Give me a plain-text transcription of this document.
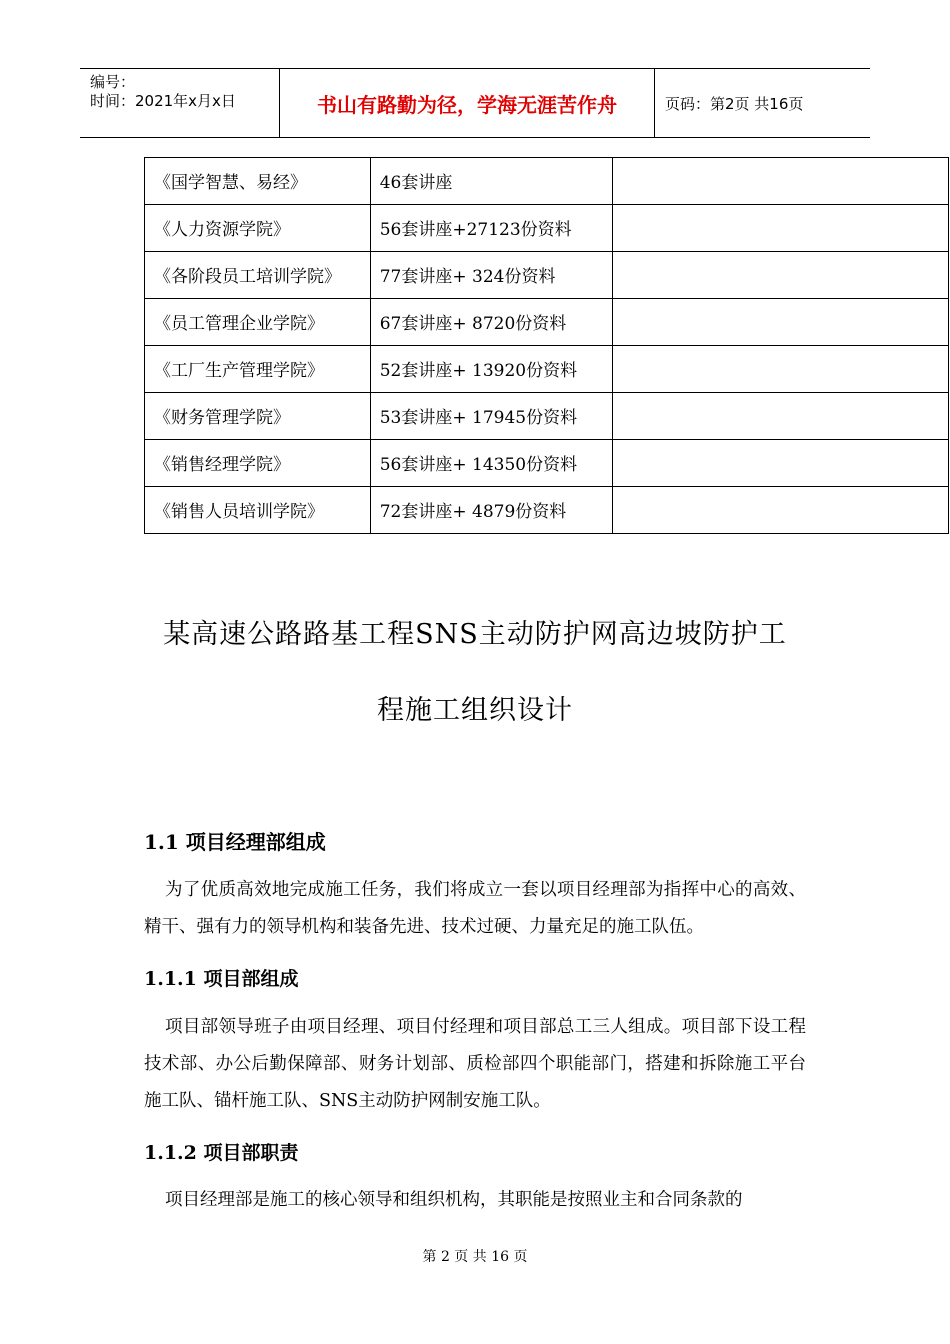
编号：
时间：2021年x月x日	书山有路勤为径，学海无涯苦作舟	页码：第2页 共16页
《国学智慧、易经》	46套讲座	
《人力资源学院》	56套讲座+27123份资料	
《各阶段员工培训学院》	77套讲座+ 324份资料	
《员工管理企业学院》	67套讲座+ 8720份资料	
《工厂生产管理学院》	52套讲座+ 13920份资料	
《财务管理学院》	53套讲座+ 17945份资料	
《销售经理学院》	56套讲座+ 14350份资料	
《销售人员培训学院》	72套讲座+ 4879份资料	
某高速公路路基工程SNS主动防护网高边坡防护工
程施工组织设计
1.1 项目经理部组成
为了优质高效地完成施工任务，我们将成立一套以项目经理部为指挥中心的高效、精干、强有力的领导机构和装备先进、技术过硬、力量充足的施工队伍。
1.1.1 项目部组成
项目部领导班子由项目经理、项目付经理和项目部总工三人组成。项目部下设工程技术部、办公后勤保障部、财务计划部、质检部四个职能部门，搭建和拆除施工平台施工队、锚杆施工队、SNS主动防护网制安施工队。
1.1.2 项目部职责
项目经理部是施工的核心领导和组织机构，其职能是按照业主和合同条款的
第 2 页 共 16 页
